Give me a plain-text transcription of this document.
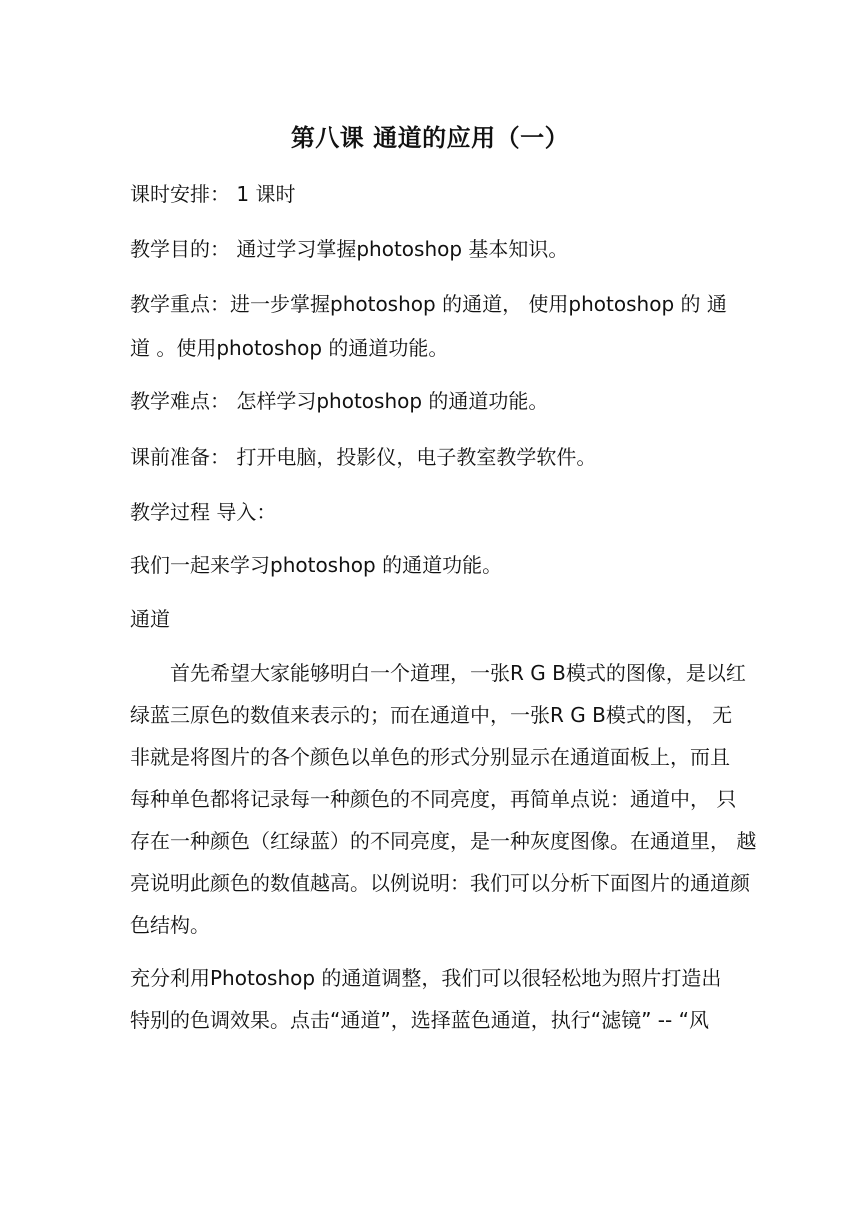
第八课 通道的应用（一）
课时安排： 1 课时
教学目的： 通过学习掌握photoshop 基本知识。
教学重点：进一步掌握photoshop 的通道， 使用photoshop 的 通
道 。使用photoshop 的通道功能。
教学难点： 怎样学习photoshop 的通道功能。
课前准备： 打开电脑，投影仪，电子教室教学软件。
教学过程 导入：
我们一起来学习photoshop 的通道功能。
通道
首先希望大家能够明白一个道理，一张R G B模式的图像，是以红
绿蓝三原色的数值来表示的；而在通道中，一张R G B模式的图， 无
非就是将图片的各个颜色以单色的形式分别显示在通道面板上，而且
每种单色都将记录每一种颜色的不同亮度，再简单点说：通道中， 只
存在一种颜色（红绿蓝）的不同亮度，是一种灰度图像。在通道里， 越
亮说明此颜色的数值越高。以例说明：我们可以分析下面图片的通道颜
色结构。
充分利用Photoshop 的通道调整，我们可以很轻松地为照片打造出
特别的色调效果。点击“通道”，选择蓝色通道，执行“滤镜” -- “风
